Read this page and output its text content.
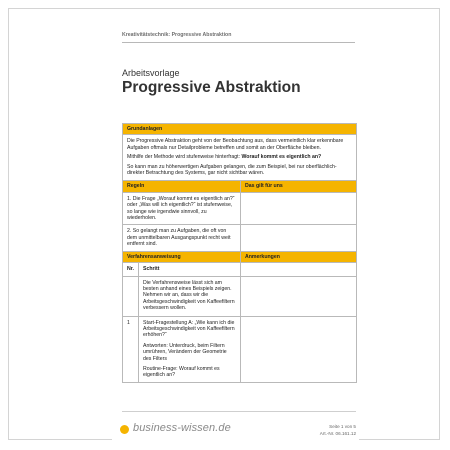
Kreativitätstechnik: Progressive Abstraktion
Arbeitsvorlage
Progressive Abstraktion
Grundanlagen		

Die Progressive Abstraktion geht von der Beobachtung aus, dass vermeintlich klar erkennbare Aufgaben oftmals nur Detailprobleme betreffen und somit an der Oberfläche bleiben.

Mithilfe der Methode wird stufenweise hinterfragt: Worauf kommt es eigentlich an?

So kann man zu höherwertigen Aufgaben gelangen, die zum Beispiel, bei nur oberflächlich-direkter Betrachtung des Systems, gar nicht sichtbar wären.		

Regeln		Das gilt für uns
1. Die Frage „Worauf kommt es eigentlich an?“ oder „Was will ich eigentlich?“ ist stufenweise, so lange wie irgendwie sinnvoll, zu wiederholen.		
2. So gelangt man zu Aufgaben, die oft von dem unmittelbaren Ausgangspunkt recht weit entfernt sind.		
Verfahrensanweisung		Anmerkungen
Nr.	Schritt	
	Die Verfahrensweise lässt sich am besten anhand eines Beispiels zeigen. Nehmen wir an, dass wir die Arbeitsgeschwindigkeit von Kaffeefiltern verbessern wollen.	
1	Start-Fragestellung A: „Wie kann ich die Arbeitsgeschwindigkeit von Kaffeefiltern erhöhen?“

Antworten: Unterdruck, beim Filtern umrühren, Verändern der Geometrie des Filters

Routine-Frage: Worauf kommt es eigentlich an?	

business-wissen.de	Seite 1 von 5
Art.-Nr. 06.161.12
